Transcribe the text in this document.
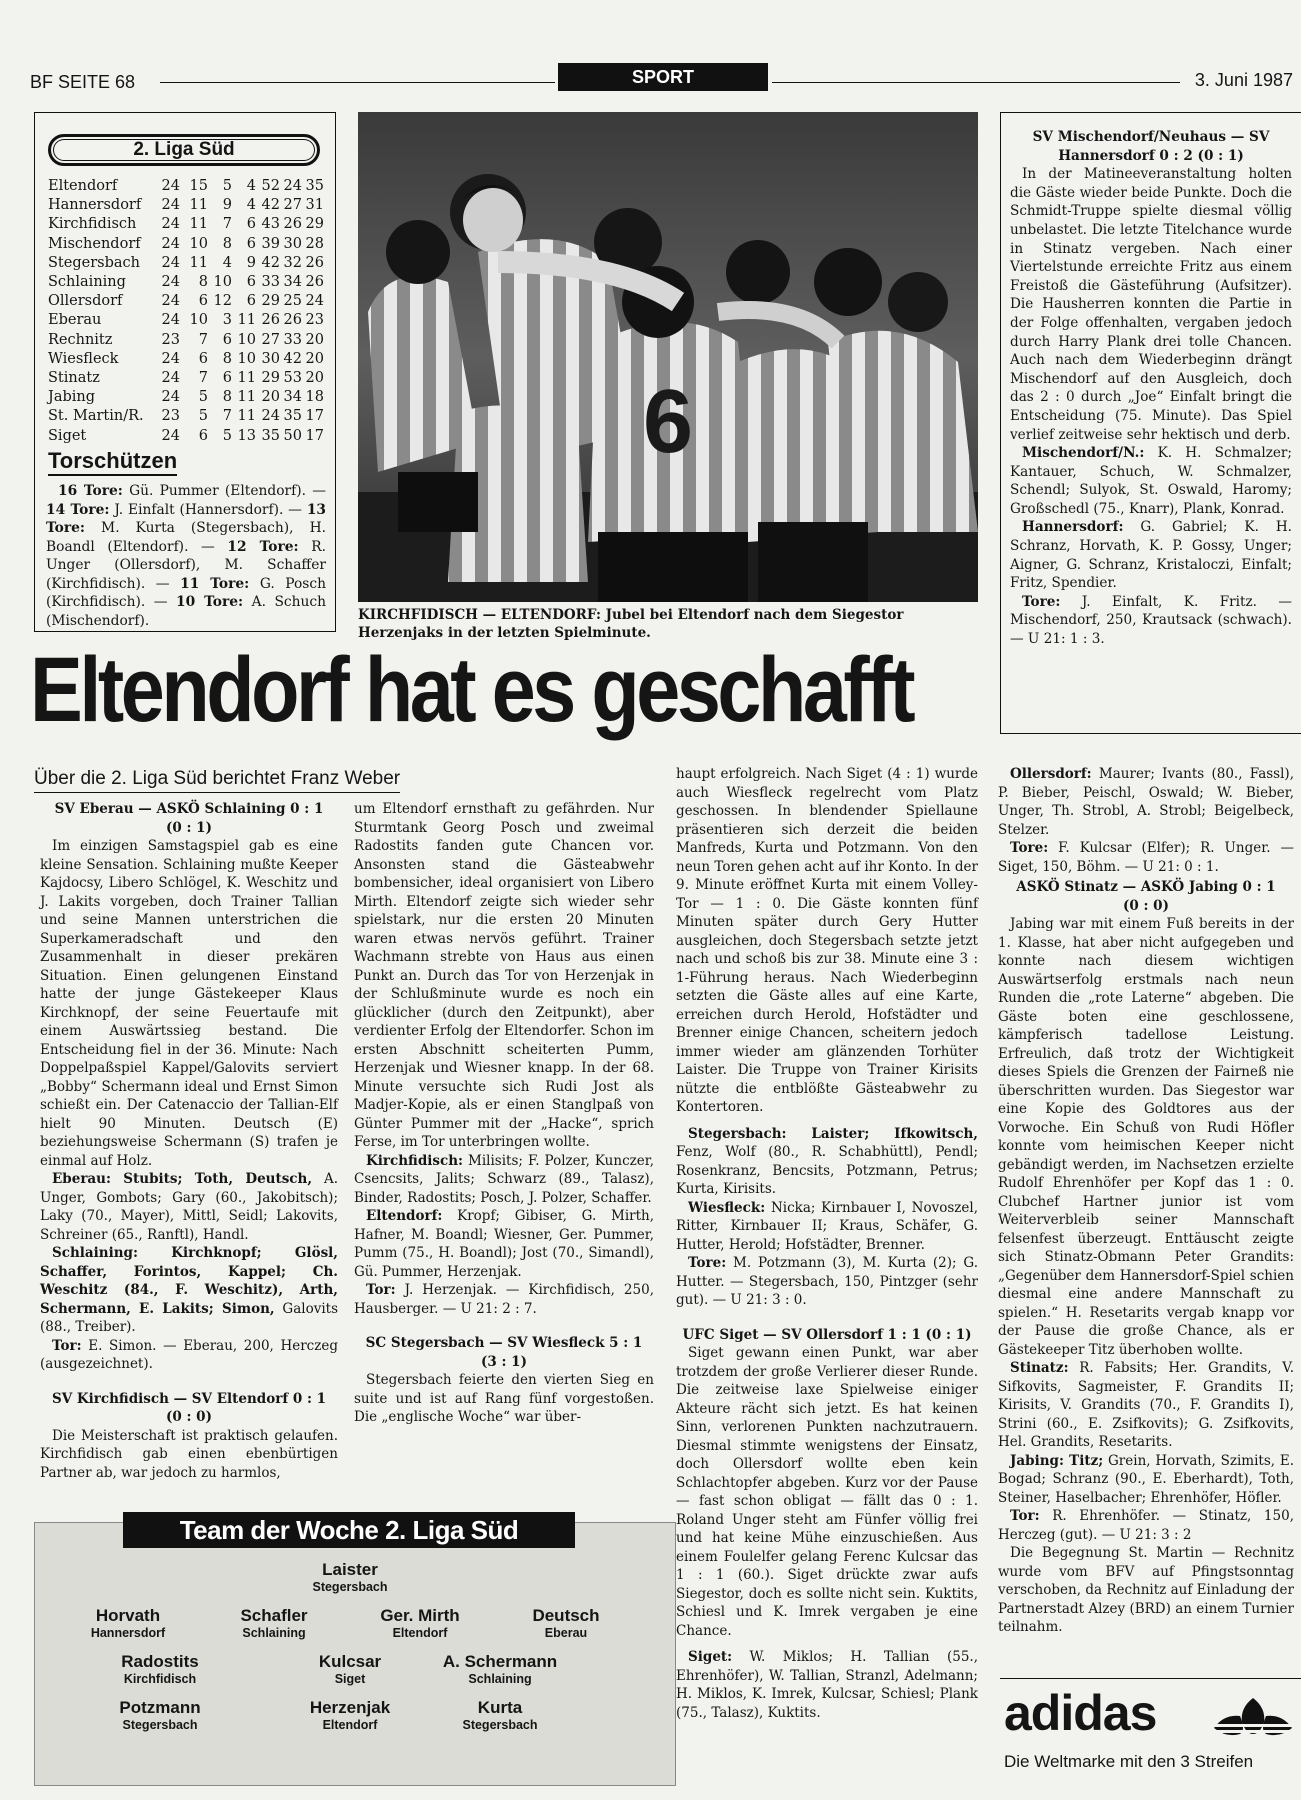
BF SEITE 68	SPORT	3. Juni 1987
2. Liga Süd
Eltendorf	24 15 5 4 52 24 35
Hannersdorf 24 11 9 4 42 27 31
Kirchfidisch 24 11 7 6 43 26 29
Mischendorf 24 10 8 6 39 30 28
Stegersbach 24 11 4 9 42 32 26
Schlaining 24 8 10 6 33 34 26
Ollersdorf	24 6 12 6 29 25 24
Eberau	24 10 3 11 26 26 23
Rechnitz	23 7 6 10 27 33 20
Wiesfleck	24 6 8 10 30 42 20
Stinatz	24 7 6 11 29 53 20
Jabing	24 5 8 11 20 34 18
St. Martin/R. 23 5 7 11 24 35 17
Siget	24 6 5 13 35 50 17
Torschützen
16 Tore: Gü. Pummer (Eltendorf). — 14 Tore: J. Einfalt (Hannersdorf). — 13 Tore: M. Kurta (Stegersbach), H. Boandl (Eltendorf). — 12 Tore: R. Unger (Ollersdorf), M. Schaffer (Kirchfidisch). — 11 Tore: G. Posch (Kirchfidisch). — 10 Tore: A. Schuch (Mischendorf).
6
KIRCHFIDISCH — ELTENDORF: Jubel bei Eltendorf nach dem Siegestor Herzenjaks in der letzten Spielminute.
SV Mischendorf/Neuhaus — SV Hannersdorf 0 : 2 (0 : 1)
In der Matineeveranstaltung holten die Gäste wieder beide Punkte. Doch die Schmidt-Truppe spielte diesmal völlig unbelastet. Die letzte Titelchance wurde in Stinatz vergeben. Nach einer Viertelstunde erreichte Fritz aus einem Freistoß die Gästeführung (Aufsitzer). Die Hausherren konnten die Partie in der Folge offenhalten, vergaben jedoch durch Harry Plank drei tolle Chancen. Auch nach dem Wiederbeginn drängt Mischendorf auf den Ausgleich, doch das 2 : 0 durch „Joe“ Einfalt bringt die Entscheidung (75. Minute). Das Spiel verlief zeitweise sehr hektisch und derb.
Mischendorf/N.: K. H. Schmalzer; Kantauer, Schuch, W. Schmalzer, Schendl; Sulyok, St. Oswald, Haromy; Großschedl (75., Knarr), Plank, Konrad.
Hannersdorf: G. Gabriel; K. H. Schranz, Horvath, K. P. Gossy, Unger; Aigner, G. Schranz, Kristaloczi, Einfalt; Fritz, Spendier.
Tore: J. Einfalt, K. Fritz. — Mischendorf, 250, Krautsack (schwach). — U 21: 1 : 3.
Eltendorf hat es geschafft
Über die 2. Liga Süd berichtet Franz Weber

SV Eberau — ASKÖ Schlaining 0 : 1

(0 : 1)

Im einzigen Samstagspiel gab es eine kleine Sensation. Schlaining mußte Keeper Kajdocsy, Libero Schlögel, K. Weschitz und J. Lakits vorgeben, doch Trainer Tallian und seine Mannen unterstrichen die Superkameradschaft und den Zusammenhalt in dieser prekären Situation. Einen gelungenen Einstand hatte der junge Gästekeeper Klaus Kirchknopf, der seine Feuertaufe mit einem Auswärtssieg bestand. Die Entscheidung fiel in der 36. Minute: Nach Doppelpaßspiel Kappel/Galovits serviert „Bobby“ Schermann ideal und Ernst Simon schießt ein. Der Catenaccio der Tallian-Elf hielt 90 Minuten. Deutsch (E) beziehungsweise Schermann (S) trafen je einmal auf Holz.

Eberau: Stubits; Toth, Deutsch, A. Unger, Gombots; Gary (60., Jakobitsch); Laky (70., Mayer), Mittl, Seidl; Lakovits, Schreiner (65., Ranftl), Handl.

Schlaining: Kirchknopf; Glösl, Schaffer, Forintos, Kappel; Ch. Weschitz (84., F. Weschitz), Arth, Schermann, E. Lakits; Simon, Galovits (88., Treiber).

Tor: E. Simon. — Eberau, 200, Herczeg (ausgezeichnet).

SV Kirchfidisch — SV Eltendorf 0 : 1

(0 : 0)

Die Meisterschaft ist praktisch gelaufen. Kirchfidisch gab einen ebenbürtigen Partner ab, war jedoch zu harmlos,

um Eltendorf ernsthaft zu gefährden. Nur Sturmtank Georg Posch und zweimal Radostits fanden gute Chancen vor. Ansonsten stand die Gästeabwehr bombensicher, ideal organisiert von Libero Mirth. Eltendorf zeigte sich wieder sehr spielstark, nur die ersten 20 Minuten waren etwas nervös geführt. Trainer Wachmann strebte von Haus aus einen Punkt an. Durch das Tor von Herzenjak in der Schlußminute wurde es noch ein glücklicher (durch den Zeitpunkt), aber verdienter Erfolg der Eltendorfer. Schon im ersten Abschnitt scheiterten Pumm, Herzenjak und Wiesner knapp. In der 68. Minute versuchte sich Rudi Jost als Madjer-Kopie, als er einen Stanglpaß von Günter Pummer mit der „Hacke“, sprich Ferse, im Tor unterbringen wollte.

Kirchfidisch: Milisits; F. Polzer, Kunczer, Csencsits, Jalits; Schwarz (89., Talasz), Binder, Radostits; Posch, J. Polzer, Schaffer.

Eltendorf: Kropf; Gibiser, G. Mirth, Hafner, M. Boandl; Wiesner, Ger. Pummer, Pumm (75., H. Boandl); Jost (70., Simandl), Gü. Pummer, Herzenjak.

Tor: J. Herzenjak. — Kirchfidisch, 250, Hausberger. — U 21: 2 : 7.

SC Stegersbach — SV Wiesfleck 5 : 1

(3 : 1)

Stegersbach feierte den vierten Sieg en suite und ist auf Rang fünf vorgestoßen. Die „englische Woche“ war über-

haupt erfolgreich. Nach Siget (4 : 1) wurde auch Wiesfleck regelrecht vom Platz geschossen. In blendender Spiellaune präsentieren sich derzeit die beiden Manfreds, Kurta und Potzmann. Von den neun Toren gehen acht auf ihr Konto. In der 9. Minute eröffnet Kurta mit einem Volley-Tor — 1 : 0. Die Gäste konnten fünf Minuten später durch Gery Hutter ausgleichen, doch Stegersbach setzte jetzt nach und schoß bis zur 38. Minute eine 3 : 1-Führung heraus. Nach Wiederbeginn setzten die Gäste alles auf eine Karte, erreichen durch Herold, Hofstädter und Brenner einige Chancen, scheitern jedoch immer wieder am glänzenden Torhüter Laister. Die Truppe von Trainer Kirisits nützte die entblößte Gästeabwehr zu Kontertoren.

Stegersbach: Laister; Ifkowitsch, Fenz, Wolf (80., R. Schabhüttl), Pendl; Rosenkranz, Bencsits, Potzmann, Petrus; Kurta, Kirisits.

Wiesfleck: Nicka; Kirnbauer I, Novoszel, Ritter, Kirnbauer II; Kraus, Schäfer, G. Hutter, Herold; Hofstädter, Brenner.

Tore: M. Potzmann (3), M. Kurta (2); G. Hutter. — Stegersbach, 150, Pintzger (sehr gut). — U 21: 3 : 0.

UFC Siget — SV Ollersdorf 1 : 1 (0 : 1)

Siget gewann einen Punkt, war aber trotzdem der große Verlierer dieser Runde. Die zeitweise laxe Spielweise einiger Akteure rächt sich jetzt. Es hat keinen Sinn, verlorenen Punkten nachzutrauern. Diesmal stimmte wenigstens der Einsatz, doch Ollersdorf wollte eben kein Schlachtopfer abgeben. Kurz vor der Pause — fast schon obligat — fällt das 0 : 1. Roland Unger steht am Fünfer völlig frei und hat keine Mühe einzuschießen. Aus einem Foulelfer gelang Ferenc Kulcsar das 1 : 1 (60.). Siget drückte zwar aufs Siegestor, doch es sollte nicht sein. Kuktits, Schiesl und K. Imrek vergaben je eine Chance.

Siget: W. Miklos; H. Tallian (55., Ehrenhöfer), W. Tallian, Stranzl, Adelmann; H. Miklos, K. Imrek, Kulcsar, Schiesl; Plank (75., Talasz), Kuktits.

Ollersdorf: Maurer; Ivants (80., Fassl), P. Bieber, Peischl, Oswald; W. Bieber, Unger, Th. Strobl, A. Strobl; Beigelbeck, Stelzer.

Tore: F. Kulcsar (Elfer); R. Unger. — Siget, 150, Böhm. — U 21: 0 : 1.

ASKÖ Stinatz — ASKÖ Jabing 0 : 1

(0 : 0)

Jabing war mit einem Fuß bereits in der 1. Klasse, hat aber nicht aufgegeben und konnte nach diesem wichtigen Auswärtserfolg erstmals nach neun Runden die „rote Laterne“ abgeben. Die Gäste boten eine geschlossene, kämpferisch tadellose Leistung. Erfreulich, daß trotz der Wichtigkeit dieses Spiels die Grenzen der Fairneß nie überschritten wurden. Das Siegestor war eine Kopie des Goldtores aus der Vorwoche. Ein Schuß von Rudi Höfler konnte vom heimischen Keeper nicht gebändigt werden, im Nachsetzen erzielte Rudolf Ehrenhöfer per Kopf das 1 : 0. Clubchef Hartner junior ist vom Weiterverbleib seiner Mannschaft felsenfest überzeugt. Enttäuscht zeigte sich Stinatz-Obmann Peter Grandits: „Gegenüber dem Hannersdorf-Spiel schien diesmal eine andere Mannschaft zu spielen.“ H. Resetarits vergab knapp vor der Pause die große Chance, als er Gästekeeper Titz überhoben wollte.

Stinatz: R. Fabsits; Her. Grandits, V. Sifkovits, Sagmeister, F. Grandits II; Kirisits, V. Grandits (70., F. Grandits I), Strini (60., E. Zsifkovits); G. Zsifkovits, Hel. Grandits, Resetarits.

Jabing: Titz; Grein, Horvath, Szimits, E. Bogad; Schranz (90., E. Eberhardt), Toth, Steiner, Haselbacher; Ehrenhöfer, Höfler.

Tor: R. Ehrenhöfer. — Stinatz, 150, Herczeg (gut). — U 21: 3 : 2

Die Begegnung St. Martin — Rechnitz wurde vom BFV auf Pfingstsonntag verschoben, da Rechnitz auf Einladung der Partnerstadt Alzey (BRD) an einem Turnier teilnahm.

Team der Woche 2. Liga Süd
Laister
Stegersbach
Horvath
Hannersdorf
Schafler
Schlaining
Ger. Mirth
Eltendorf
Deutsch
Eberau
Radostits
Kirchfidisch
Kulcsar
Siget
A. Schermann
Schlaining
Potzmann
Stegersbach
Herzenjak
Eltendorf
Kurta
Stegersbach	adidas
Die Weltmarke mit den 3 Streifen
